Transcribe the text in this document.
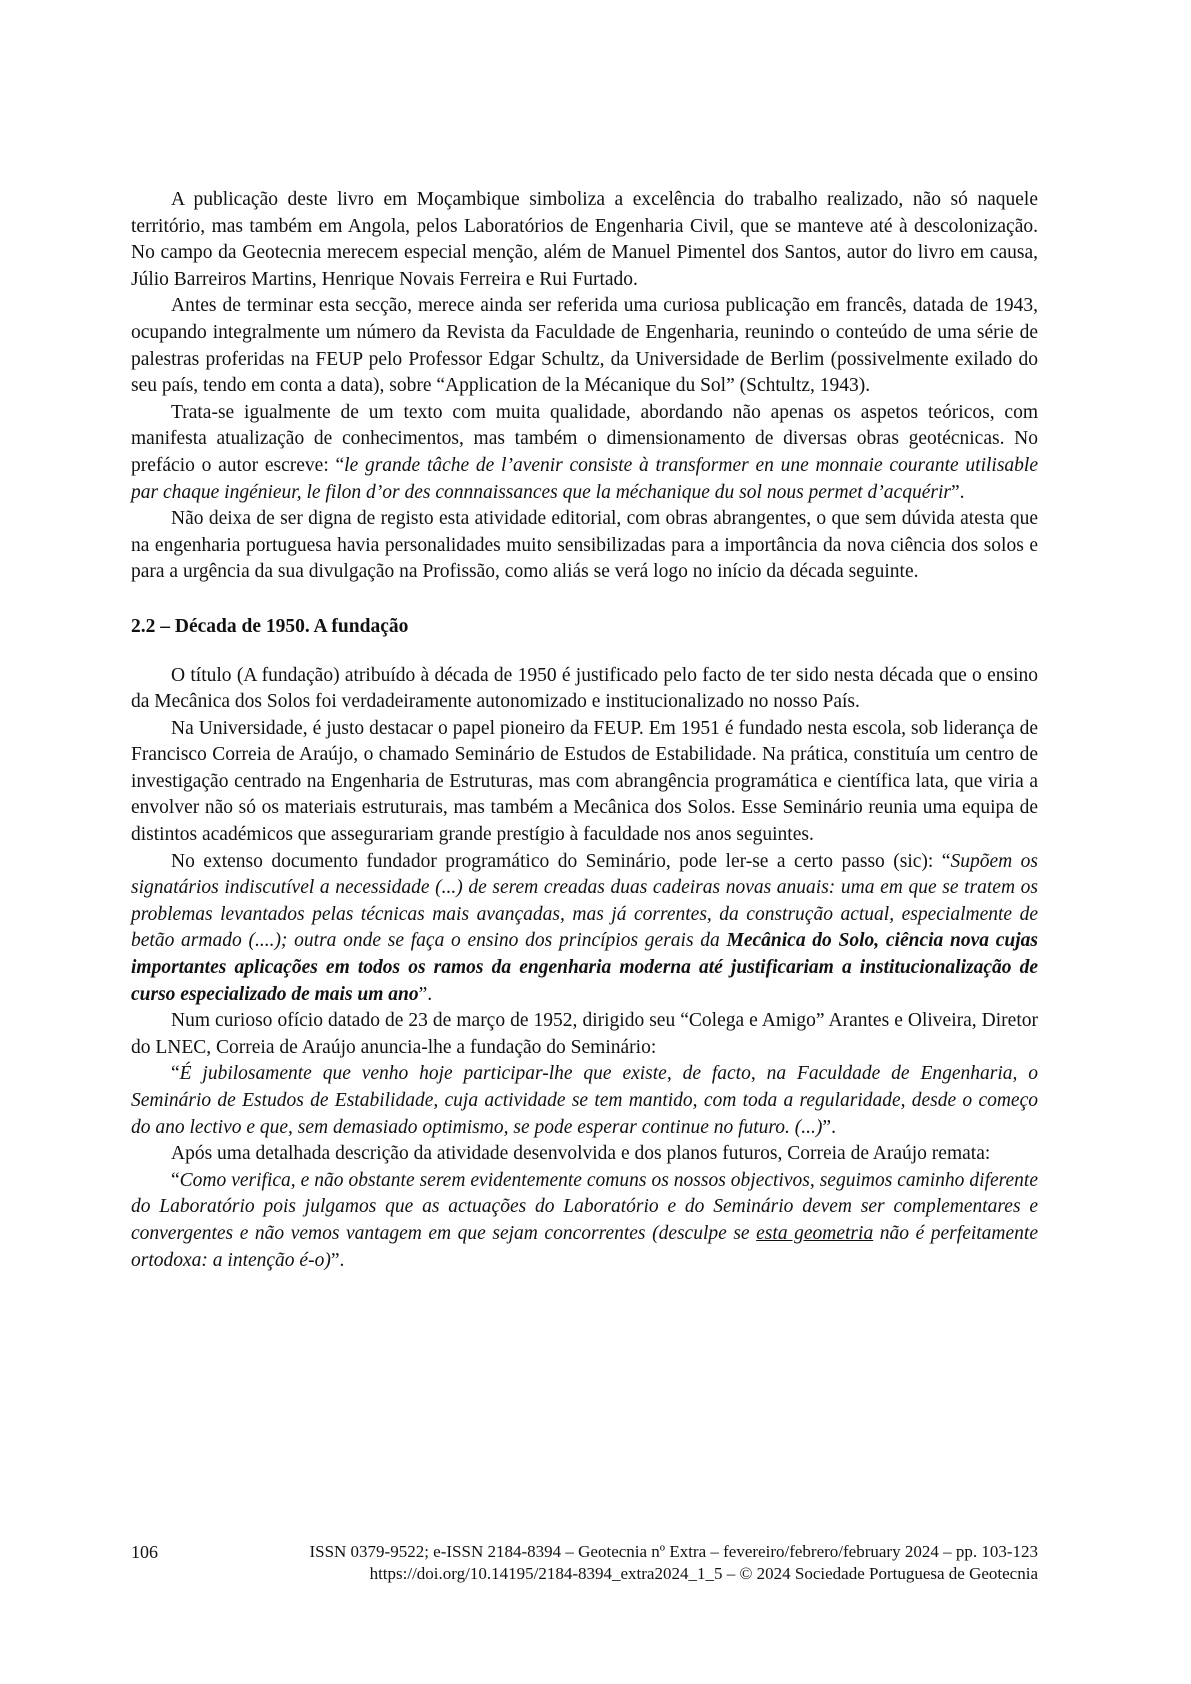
A publicação deste livro em Moçambique simboliza a excelência do trabalho realizado, não só naquele território, mas também em Angola, pelos Laboratórios de Engenharia Civil, que se manteve até à descolonização. No campo da Geotecnia merecem especial menção, além de Manuel Pimentel dos Santos, autor do livro em causa, Júlio Barreiros Martins, Henrique Novais Ferreira e Rui Furtado.

Antes de terminar esta secção, merece ainda ser referida uma curiosa publicação em francês, datada de 1943, ocupando integralmente um número da Revista da Faculdade de Engenharia, reunindo o conteúdo de uma série de palestras proferidas na FEUP pelo Professor Edgar Schultz, da Universidade de Berlim (possivelmente exilado do seu país, tendo em conta a data), sobre “Application de la Mécanique du Sol” (Schtultz, 1943).

Trata-se igualmente de um texto com muita qualidade, abordando não apenas os aspetos teóricos, com manifesta atualização de conhecimentos, mas também o dimensionamento de diversas obras geotécnicas. No prefácio o autor escreve: “le grande tâche de l’avenir consiste à transformer en une monnaie courante utilisable par chaque ingénieur, le filon d’or des connnaissances que la méchanique du sol nous permet d’acquérir”.

Não deixa de ser digna de registo esta atividade editorial, com obras abrangentes, o que sem dúvida atesta que na engenharia portuguesa havia personalidades muito sensibilizadas para a importância da nova ciência dos solos e para a urgência da sua divulgação na Profissão, como aliás se verá logo no início da década seguinte.

2.2 – Década de 1950. A fundação

O título (A fundação) atribuído à década de 1950 é justificado pelo facto de ter sido nesta década que o ensino da Mecânica dos Solos foi verdadeiramente autonomizado e institucionalizado no nosso País.

Na Universidade, é justo destacar o papel pioneiro da FEUP. Em 1951 é fundado nesta escola, sob liderança de Francisco Correia de Araújo, o chamado Seminário de Estudos de Estabilidade. Na prática, constituía um centro de investigação centrado na Engenharia de Estruturas, mas com abrangência programática e científica lata, que viria a envolver não só os materiais estruturais, mas também a Mecânica dos Solos. Esse Seminário reunia uma equipa de distintos académicos que assegurariam grande prestígio à faculdade nos anos seguintes.

No extenso documento fundador programático do Seminário, pode ler-se a certo passo (sic): “Supõem os signatários indiscutível a necessidade (...) de serem creadas duas cadeiras novas anuais: uma em que se tratem os problemas levantados pelas técnicas mais avançadas, mas já correntes, da construção actual, especialmente de betão armado (....); outra onde se faça o ensino dos princípios gerais da Mecânica do Solo, ciência nova cujas importantes aplicações em todos os ramos da engenharia moderna até justificariam a institucionalização de curso especializado de mais um ano”.

Num curioso ofício datado de 23 de março de 1952, dirigido seu “Colega e Amigo” Arantes e Oliveira, Diretor do LNEC, Correia de Araújo anuncia-lhe a fundação do Seminário:

“É jubilosamente que venho hoje participar-lhe que existe, de facto, na Faculdade de Engenharia, o Seminário de Estudos de Estabilidade, cuja actividade se tem mantido, com toda a regularidade, desde o começo do ano lectivo e que, sem demasiado optimismo, se pode esperar continue no futuro. (...)”.

Após uma detalhada descrição da atividade desenvolvida e dos planos futuros, Correia de Araújo remata:

“Como verifica, e não obstante serem evidentemente comuns os nossos objectivos, seguimos caminho diferente do Laboratório pois julgamos que as actuações do Laboratório e do Seminário devem ser complementares e convergentes e não vemos vantagem em que sejam concorrentes (desculpe se esta geometria não é perfeitamente ortodoxa: a intenção é-o)”.

106	ISSN 0379-9522; e-ISSN 2184-8394 – Geotecnia nº Extra – fevereiro/febrero/february 2024 – pp. 103-123
https://doi.org/10.14195/2184-8394_extra2024_1_5 – © 2024 Sociedade Portuguesa de Geotecnia
